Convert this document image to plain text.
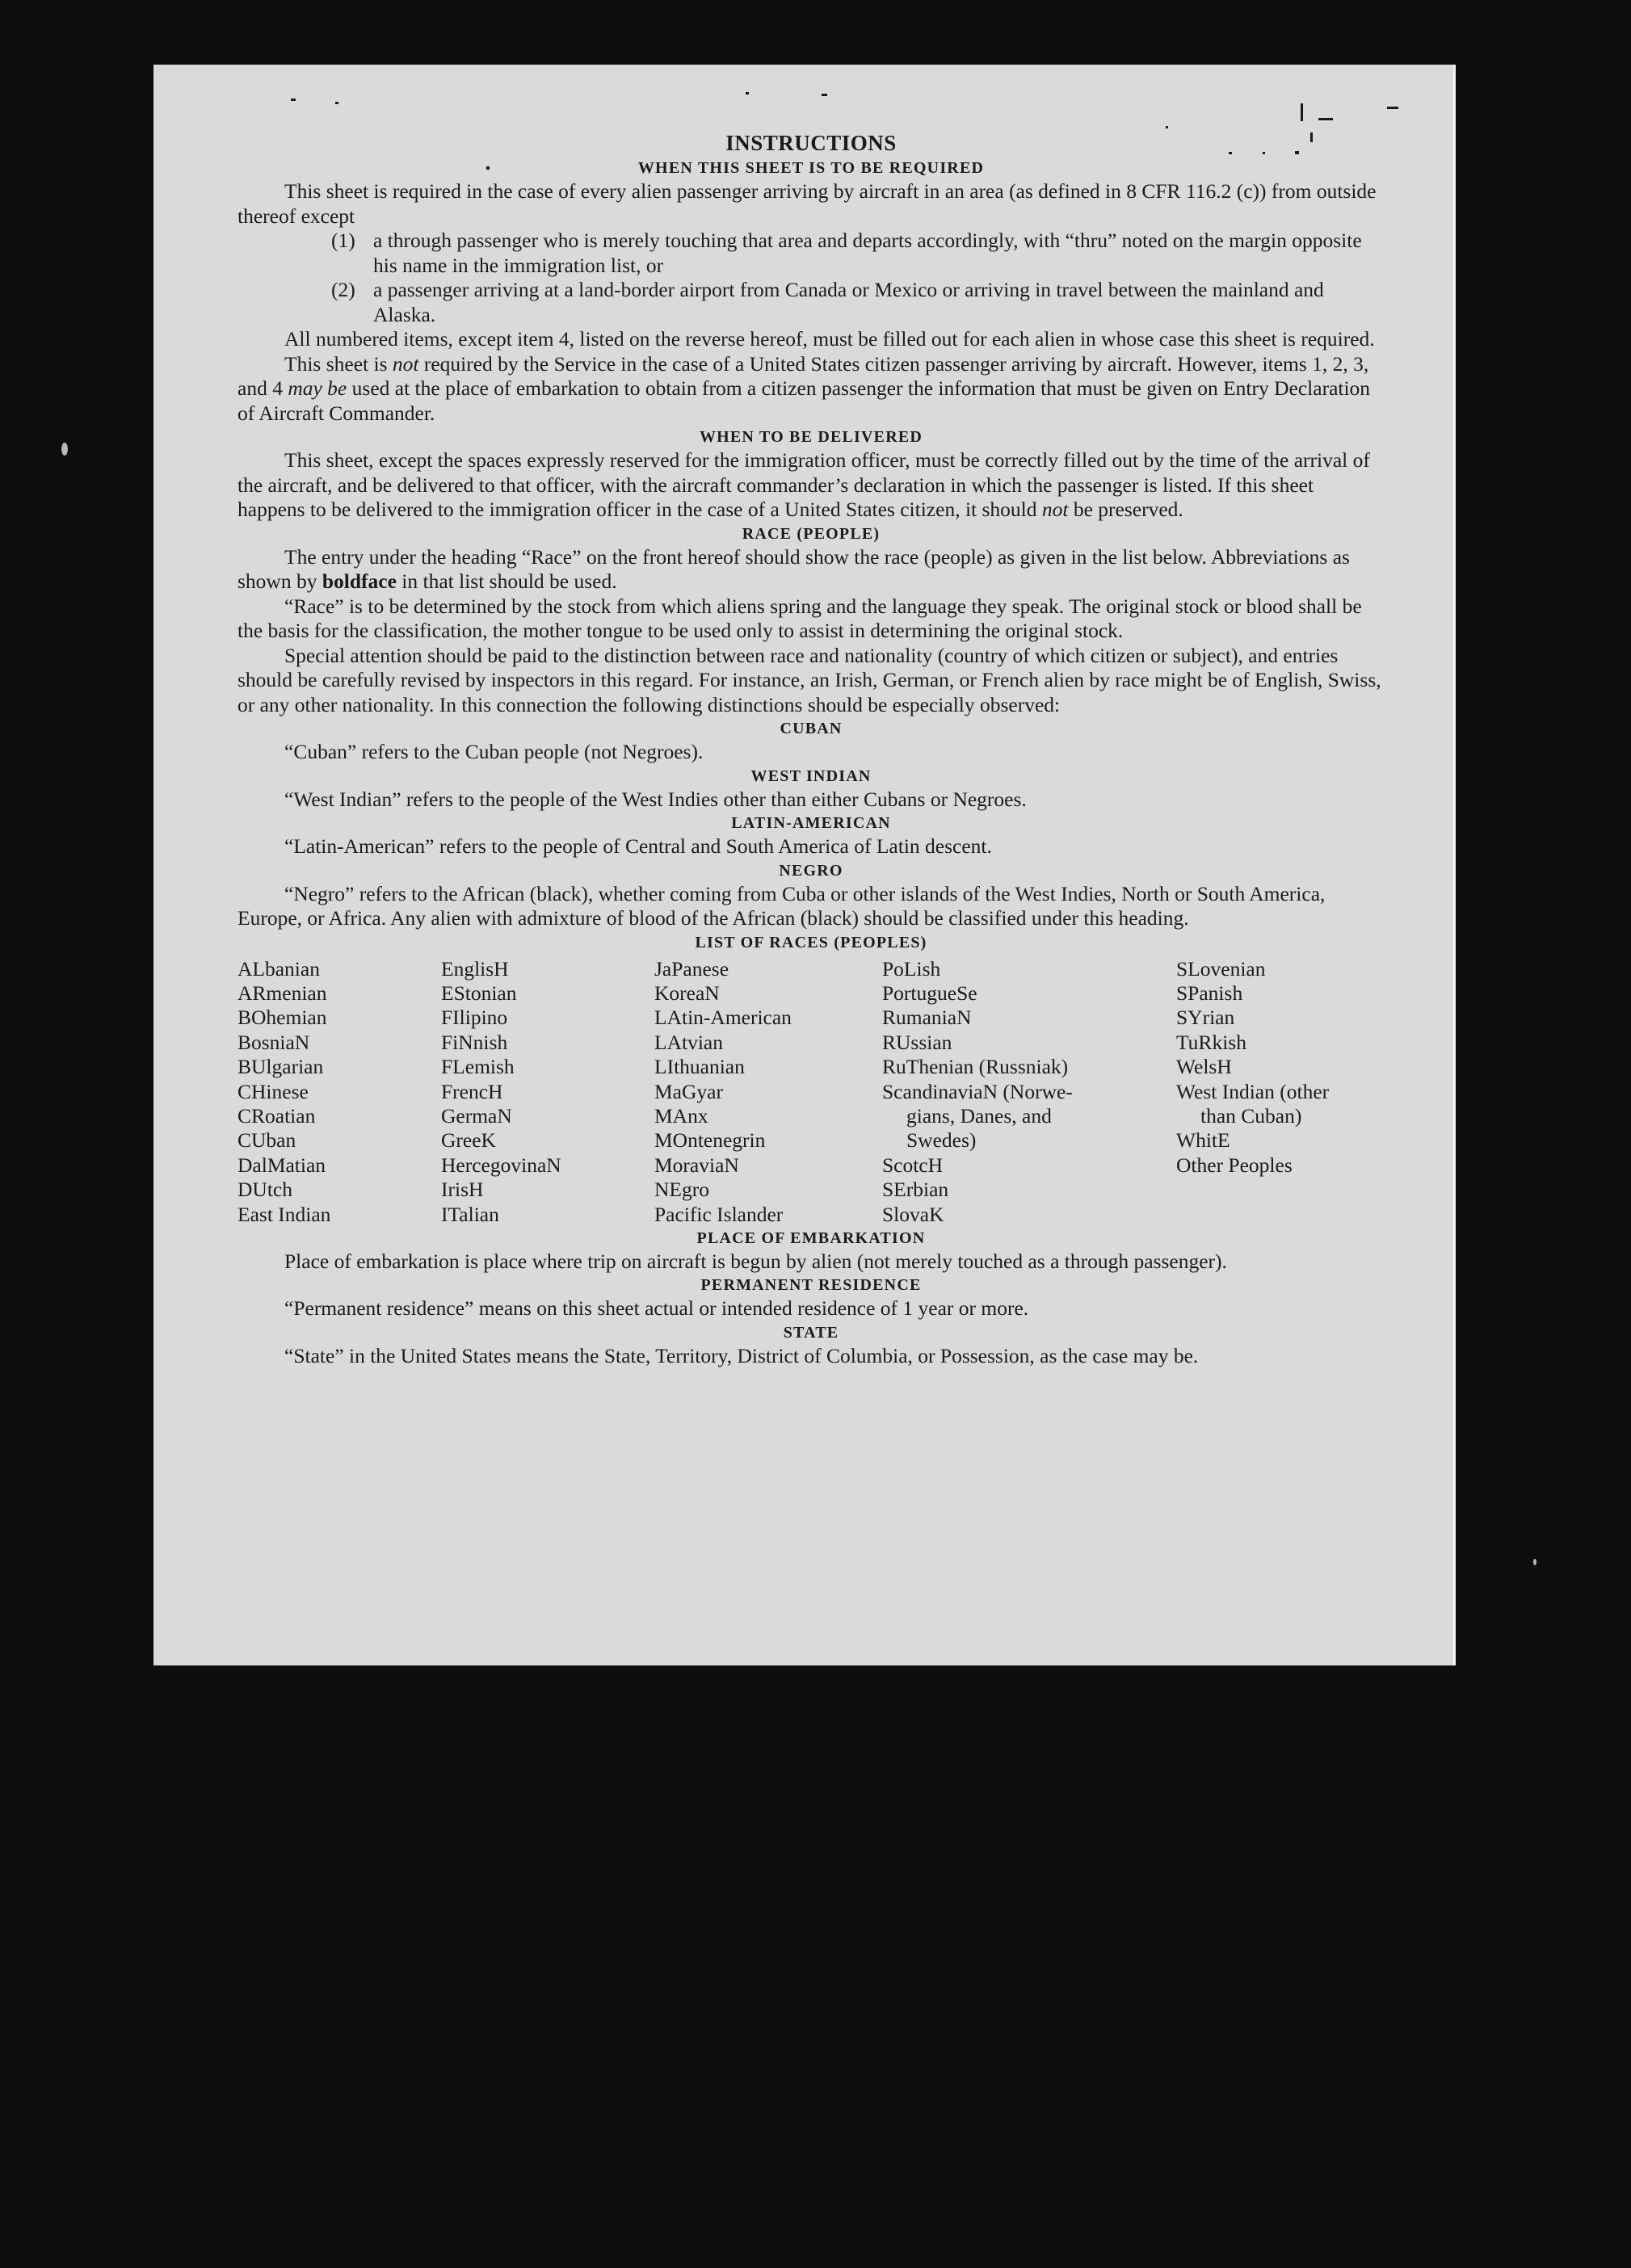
INSTRUCTIONS

WHEN THIS SHEET IS TO BE REQUIRED

This sheet is required in the case of every alien passenger arriving by aircraft in an area (as defined in 8 CFR 116.2 (c)) from outside thereof except

(1) a through passenger who is merely touching that area and departs accordingly, with “thru” noted on the margin opposite his name in the immigration list, or
(2) a passenger arriving at a land-border airport from Canada or Mexico or arriving in travel between the mainland and Alaska.

All numbered items, except item 4, listed on the reverse hereof, must be filled out for each alien in whose case this sheet is required.

This sheet is not required by the Service in the case of a United States citizen passenger arriving by aircraft. However, items 1, 2, 3, and 4 may be used at the place of embarkation to obtain from a citizen passenger the information that must be given on Entry Declaration of Aircraft Commander.

WHEN TO BE DELIVERED

This sheet, except the spaces expressly reserved for the immigration officer, must be correctly filled out by the time of the arrival of the aircraft, and be delivered to that officer, with the aircraft commander’s declaration in which the passenger is listed. If this sheet happens to be delivered to the immigration officer in the case of a United States citizen, it should not be preserved.

RACE (PEOPLE)

The entry under the heading “Race” on the front hereof should show the race (people) as given in the list below. Abbreviations as shown by boldface in that list should be used.

“Race” is to be determined by the stock from which aliens spring and the language they speak. The original stock or blood shall be the basis for the classification, the mother tongue to be used only to assist in determining the original stock.

Special attention should be paid to the distinction between race and nationality (country of which citizen or subject), and entries should be carefully revised by inspectors in this regard. For instance, an Irish, German, or French alien by race might be of English, Swiss, or any other nationality. In this connection the following distinctions should be especially observed:

CUBAN

“Cuban” refers to the Cuban people (not Negroes).

WEST INDIAN

“West Indian” refers to the people of the West Indies other than either Cubans or Negroes.

LATIN-AMERICAN

“Latin-American” refers to the people of Central and South America of Latin descent.

NEGRO

“Negro” refers to the African (black), whether coming from Cuba or other islands of the West Indies, North or South America, Europe, or Africa. Any alien with admixture of blood of the African (black) should be classified under this heading.

LIST OF RACES (PEOPLES)

ALbanian
ARmenian
BOhemian
BosniaN
BUlgarian
CHinese
CRoatian
CUban
DalMatian
DUtch
East Indian
EnglisH
EStonian
FIlipino
FiNnish
FLemish
FrencH
GermaN
GreeK
HercegovinaN
IrisH
ITalian
JaPanese
KoreaN
LAtin-American
LAtvian
LIthuanian
MaGyar
MAnx
MOntenegrin
MoraviaN
NEgro
Pacific Islander
PoLish
PortugueSe
RumaniaN
RUssian
RuThenian (Russniak)
ScandinaviaN (Norwe-
gians, Danes, and
Swedes)
ScotcH
SErbian
SlovaK
SLovenian
SPanish
SYrian
TuRkish
WelsH
West Indian (other
than Cuban)
WhitE
Other Peoples

PLACE OF EMBARKATION

Place of embarkation is place where trip on aircraft is begun by alien (not merely touched as a through passenger).

PERMANENT RESIDENCE

“Permanent residence” means on this sheet actual or intended residence of 1 year or more.

STATE

“State” in the United States means the State, Territory, District of Columbia, or Possession, as the case may be.
